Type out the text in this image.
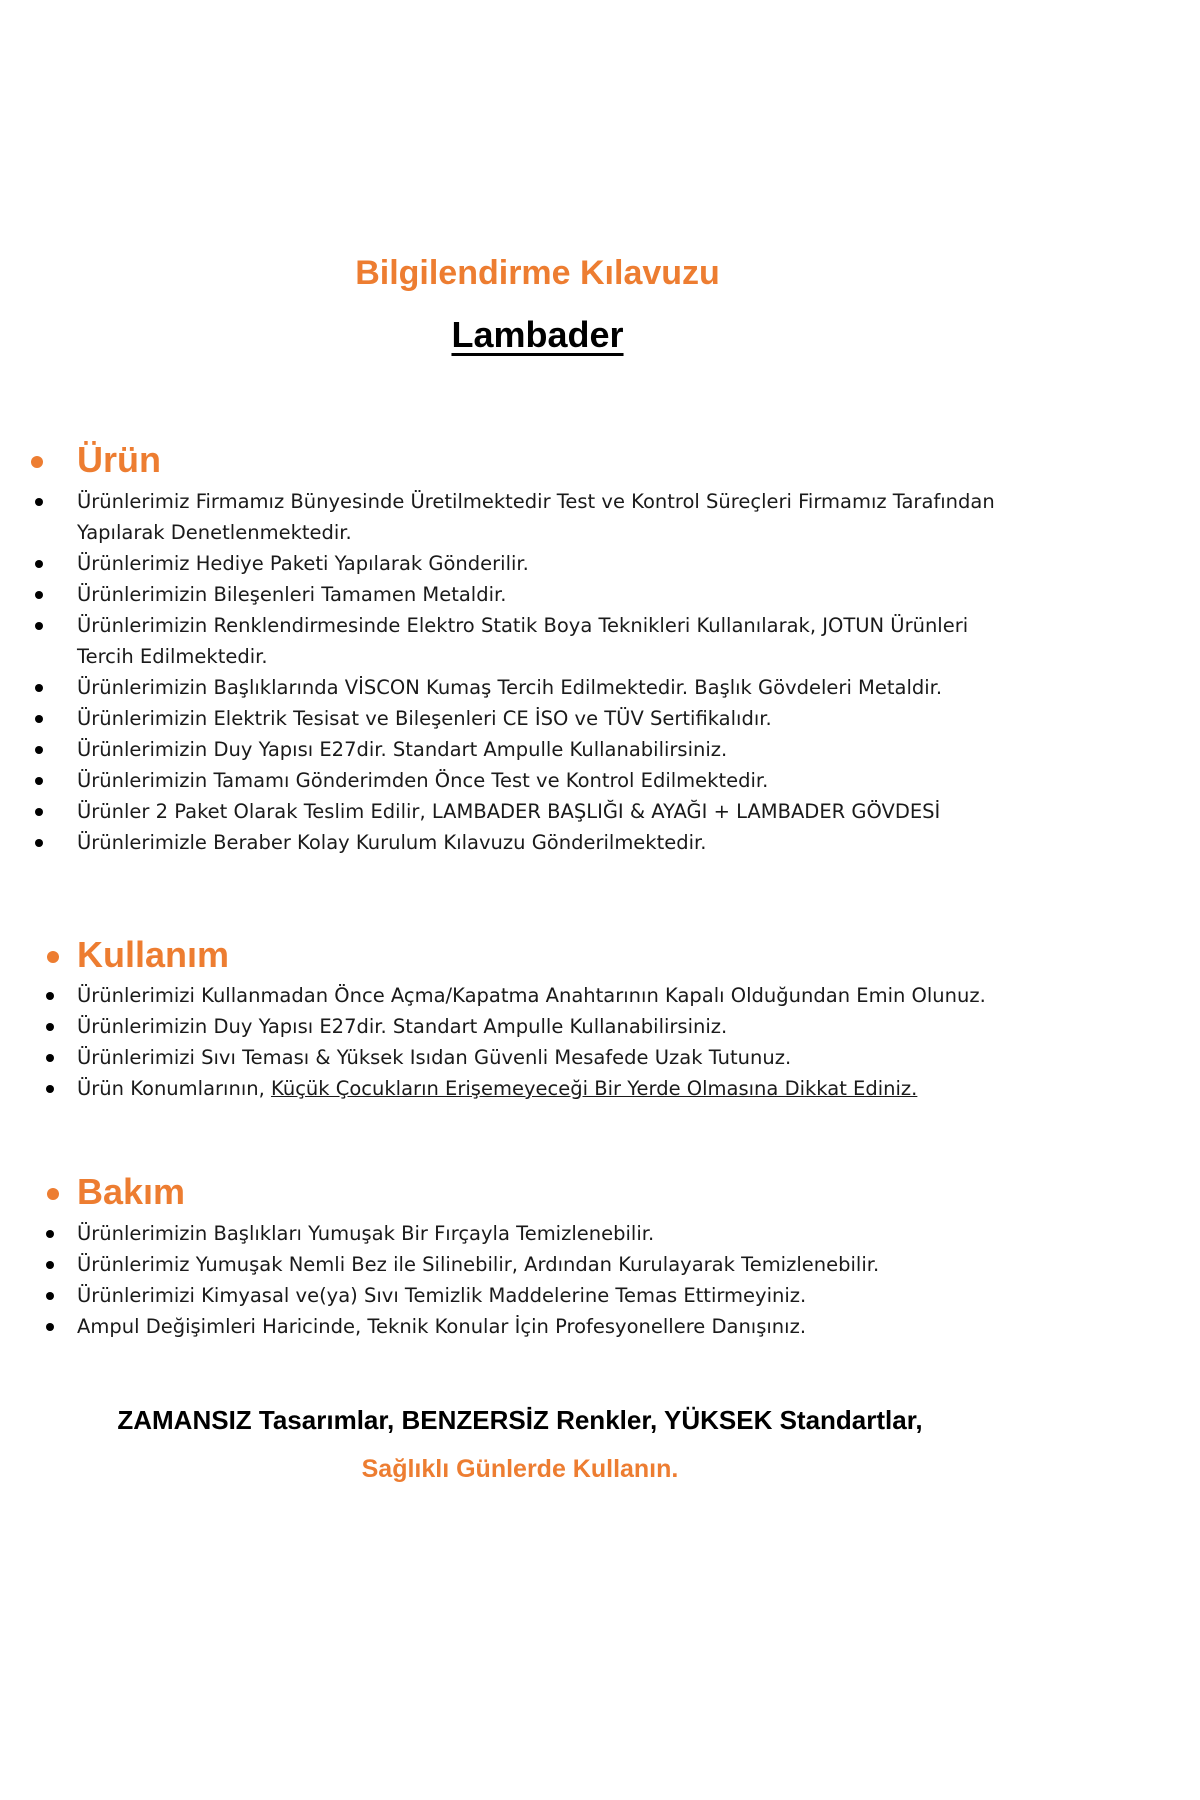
Bilgilendirme Kılavuzu
Lambader
Ürün
Ürünlerimiz Firmamız Bünyesinde Üretilmektedir Test ve Kontrol Süreçleri Firmamız Tarafından Yapılarak Denetlenmektedir.
Ürünlerimiz Hediye Paketi Yapılarak Gönderilir.
Ürünlerimizin Bileşenleri Tamamen Metaldir.
Ürünlerimizin Renklendirmesinde Elektro Statik Boya Teknikleri Kullanılarak, JOTUN Ürünleri Tercih Edilmektedir.
Ürünlerimizin Başlıklarında VİSCON Kumaş Tercih Edilmektedir. Başlık Gövdeleri Metaldir.
Ürünlerimizin Elektrik Tesisat ve Bileşenleri CE İSO ve TÜV Sertifikalıdır.
Ürünlerimizin Duy Yapısı E27dir. Standart Ampulle Kullanabilirsiniz.
Ürünlerimizin Tamamı Gönderimden Önce Test ve Kontrol Edilmektedir.
Ürünler 2 Paket Olarak Teslim Edilir, LAMBADER BAŞLIĞI & AYAĞI + LAMBADER GÖVDESİ
Ürünlerimizle Beraber Kolay Kurulum Kılavuzu Gönderilmektedir.
Kullanım
Ürünlerimizi Kullanmadan Önce Açma/Kapatma Anahtarının Kapalı Olduğundan Emin Olunuz.
Ürünlerimizin Duy Yapısı E27dir. Standart Ampulle Kullanabilirsiniz.
Ürünlerimizi Sıvı Teması & Yüksek Isıdan Güvenli Mesafede Uzak Tutunuz.
Ürün Konumlarının, Küçük Çocukların Erişemeyeceği Bir Yerde Olmasına Dikkat Ediniz.
Bakım
Ürünlerimizin Başlıkları Yumuşak Bir Fırçayla Temizlenebilir.
Ürünlerimiz Yumuşak Nemli Bez ile Silinebilir, Ardından Kurulayarak Temizlenebilir.
Ürünlerimizi Kimyasal ve(ya) Sıvı Temizlik Maddelerine Temas Ettirmeyiniz.
Ampul Değişimleri Haricinde, Teknik Konular İçin Profesyonellere Danışınız.

ZAMANSIZ Tasarımlar, BENZERSİZ Renkler, YÜKSEK Standartlar,

Sağlıklı Günlerde Kullanın.
